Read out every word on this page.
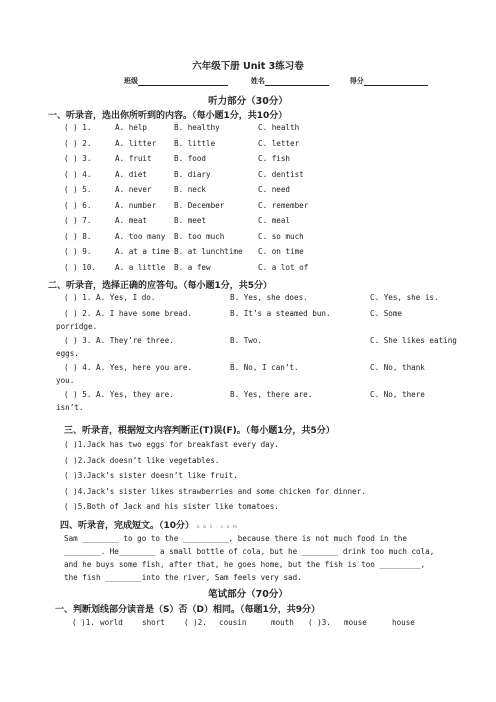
六年级下册 Unit 3练习卷
班级	姓名	得分
听力部分（30分）
一、听录音，选出你所听到的内容。（每小题1分，共10分）
( ) 1.	A. help	B. healthy	C. health
( ) 2.	A. litter B. little	C. letter
( ) 3.	A. fruit	B. food	C. fish
( ) 4.	A. diet	B. diary	C. dentist
( ) 5.	A. never	B. neck	C. need
( ) 6.	A. number B. December	C. remember
( ) 7.	A. meat	B. meet	C. meal
( ) 8.	A. too many B. too much	C. so much
( ) 9.	A. at a time B. at lunchtime C. on time
( ) 10. A. a little B. a few	C. a lot of
二、听录音，选择正确的应答句。（每小题1分，共5分）
( ) 1. A. Yes, I do.	B. Yes, she does.	C. Yes, she is.
( ) 2. A. I have some bread.	B. It’s a steamed bun.	C. Some
porridge.
( ) 3. A. They’re three.	B. Two.	C. She likes eating
eggs.
( ) 4. A. Yes, here you are.	B. No, I can’t.	C. No, thank
you.
( ) 5. A. Yes, they are.	B. Yes, there are.	C. No, there
isn’t.
三、听录音，根据短文内容判断正(T)误(F)。（每小题1分，共5分）
( )1.Jack has two eggs for breakfast every day.
( )2.Jack doesn’t like vegetables.
( )3.Jack’s sister doesn’t like fruit.
( )4.Jack’s sister likes strawberries and some chicken for dinner.
( )5.Both of Jack and his sister like tomatoes.
四、听录音，完成短文。（10分） k b 1 . c o m
Sam ________ to go to the __________, because there is not much food in the ________. He________ a small bottle of cola, but he ________ drink too much cola, and he buys some fish, after that, he goes home, but the fish is too _________, the fish ________into the river, Sam feels very sad.
笔试部分（70分）
一、判断划线部分读音是（S）否（D）相同。（每题1分，共9分）
( )1. world	short	( )2. cousin	mouth ( )3. mouse	house
